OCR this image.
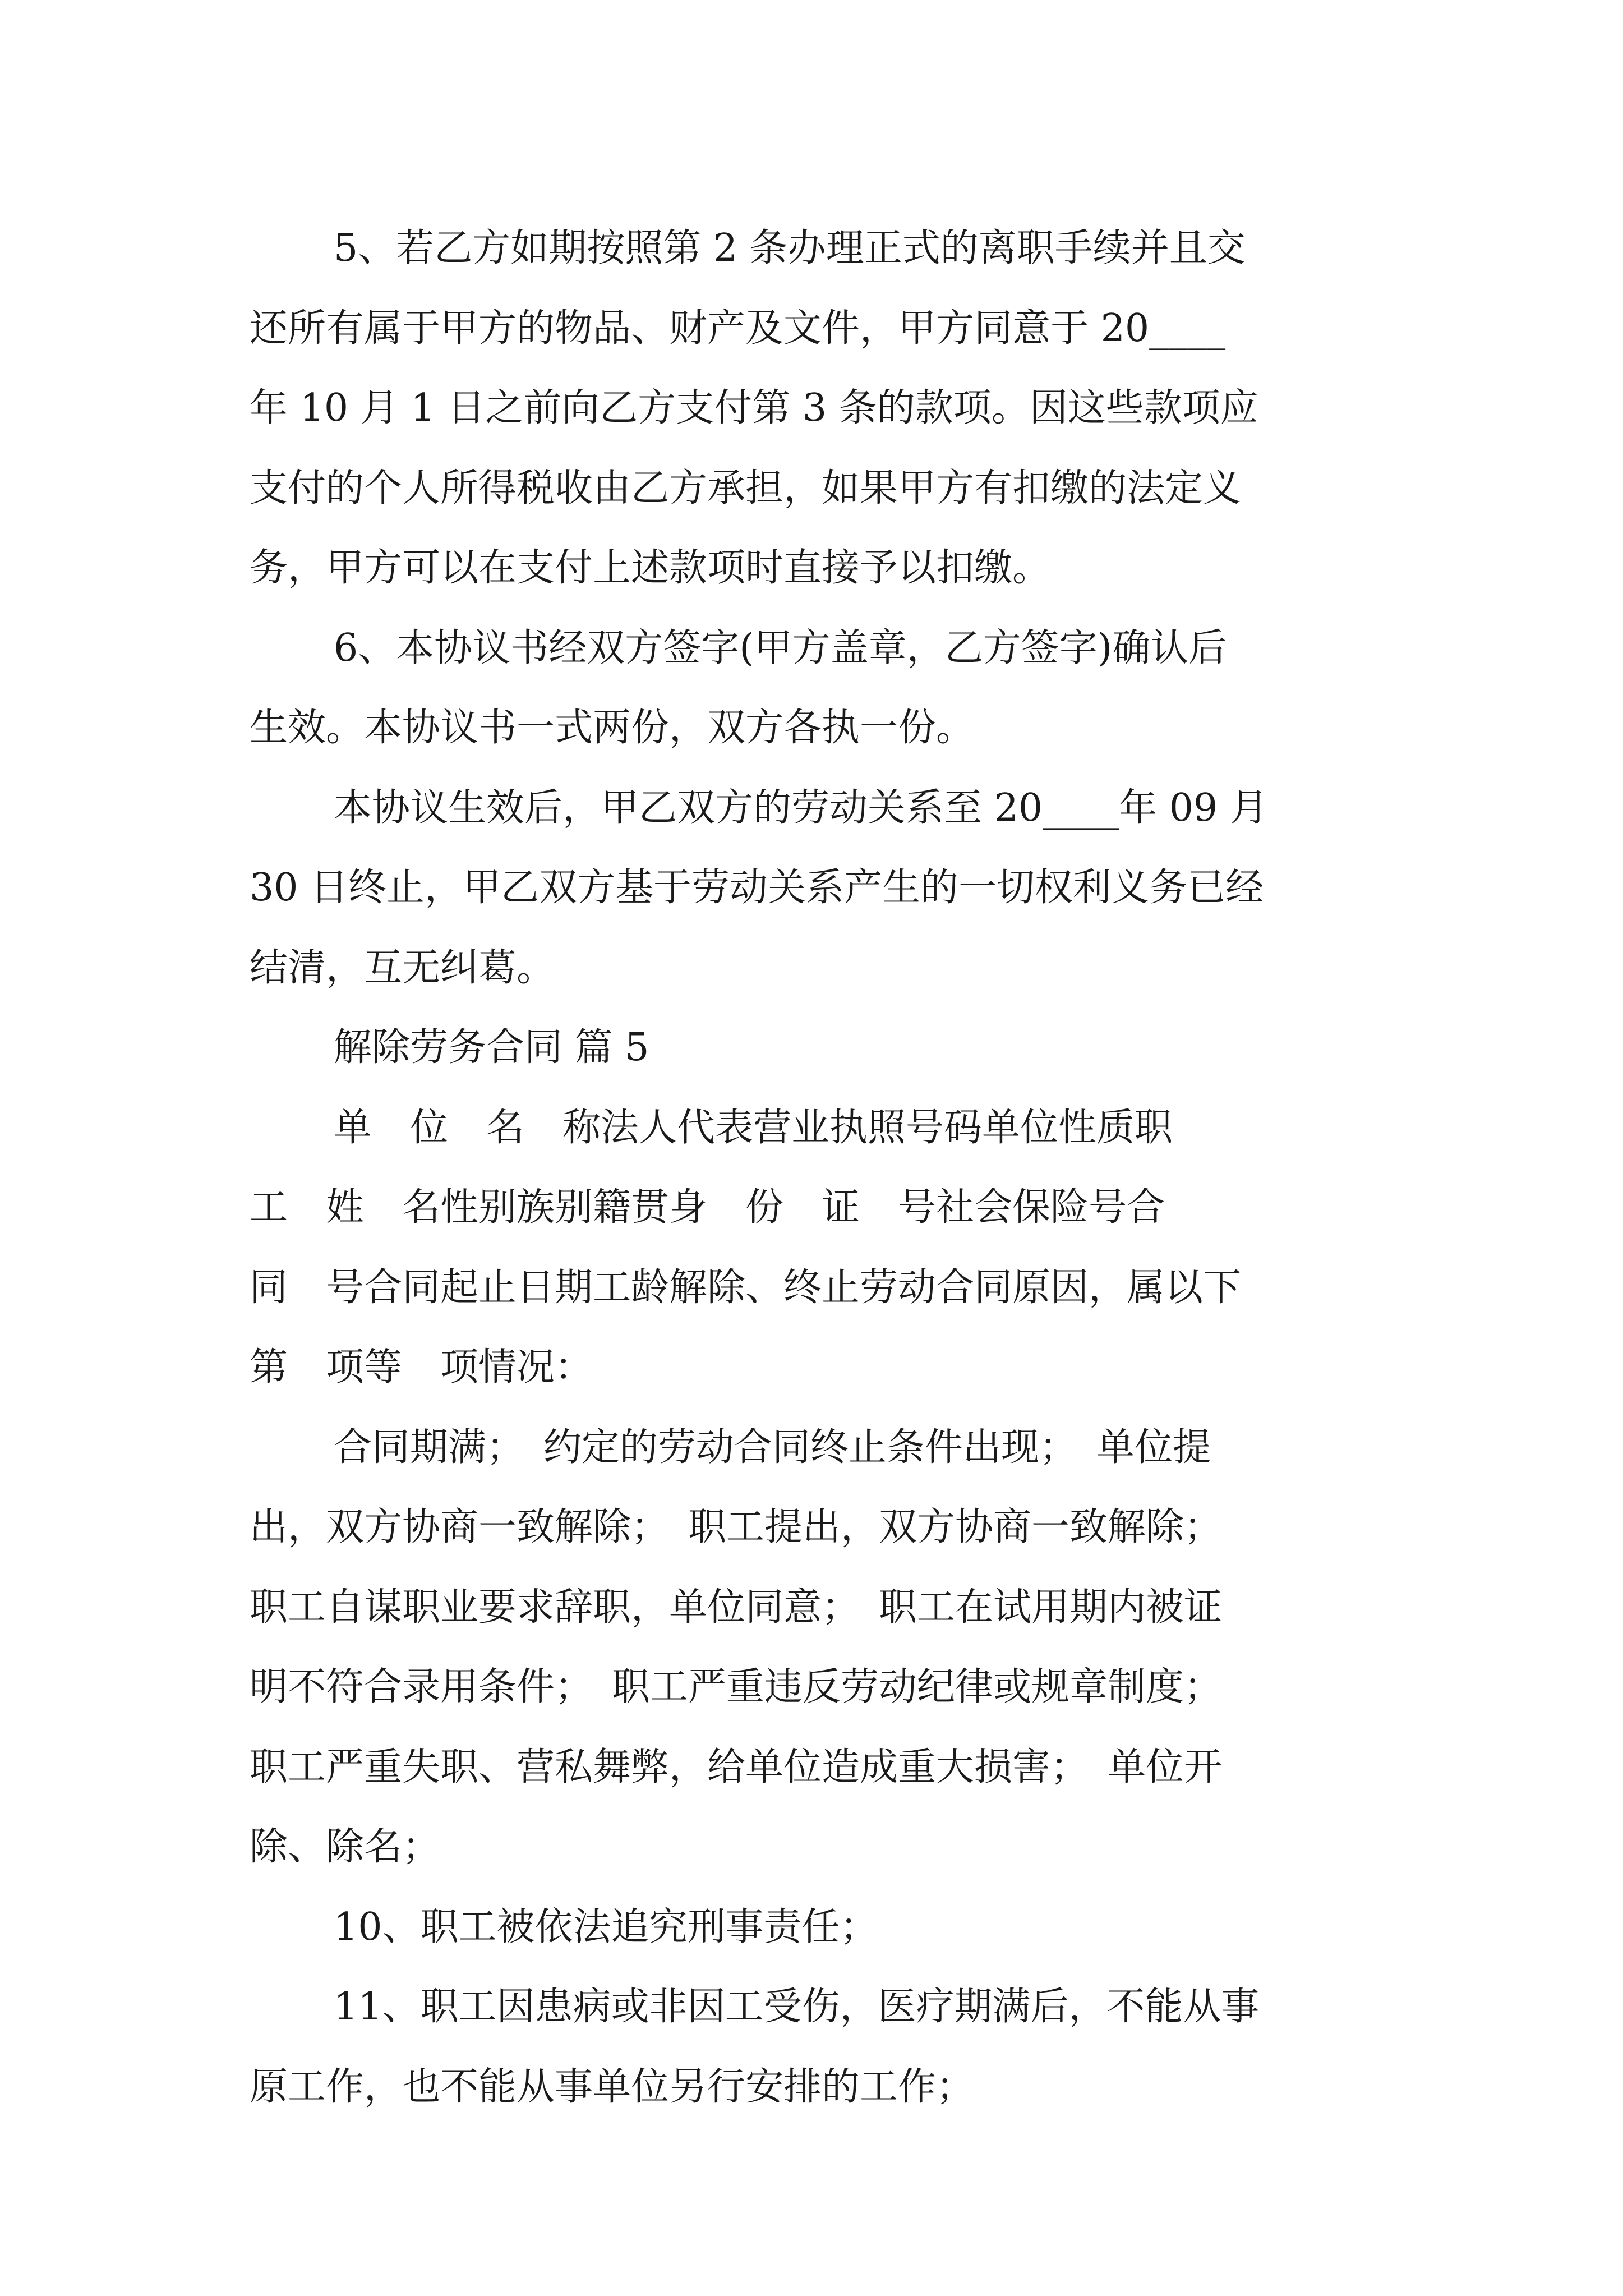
5、若乙方如期按照第 2 条办理正式的离职手续并且交
还所有属于甲方的物品、财产及文件，甲方同意于 20____
年 10 月 1 日之前向乙方支付第 3 条的款项。因这些款项应
支付的个人所得税收由乙方承担，如果甲方有扣缴的法定义
务，甲方可以在支付上述款项时直接予以扣缴。
6、本协议书经双方签字(甲方盖章，乙方签字)确认后
生效。本协议书一式两份，双方各执一份。
本协议生效后，甲乙双方的劳动关系至 20____年 09 月
30 日终止，甲乙双方基于劳动关系产生的一切权利义务已经
结清，互无纠葛。
解除劳务合同 篇 5
单　位　名　称法人代表营业执照号码单位性质职
工　姓　名性别族别籍贯身　份　证　号社会保险号合
同　号合同起止日期工龄解除、终止劳动合同原因，属以下
第　项等　项情况：
合同期满；　约定的劳动合同终止条件出现；　单位提
出，双方协商一致解除；　职工提出，双方协商一致解除；
职工自谋职业要求辞职，单位同意；　职工在试用期内被证
明不符合录用条件；　职工严重违反劳动纪律或规章制度；
职工严重失职、营私舞弊，给单位造成重大损害；　单位开
除、除名；
10、职工被依法追究刑事责任；
11、职工因患病或非因工受伤，医疗期满后，不能从事
原工作，也不能从事单位另行安排的工作；
